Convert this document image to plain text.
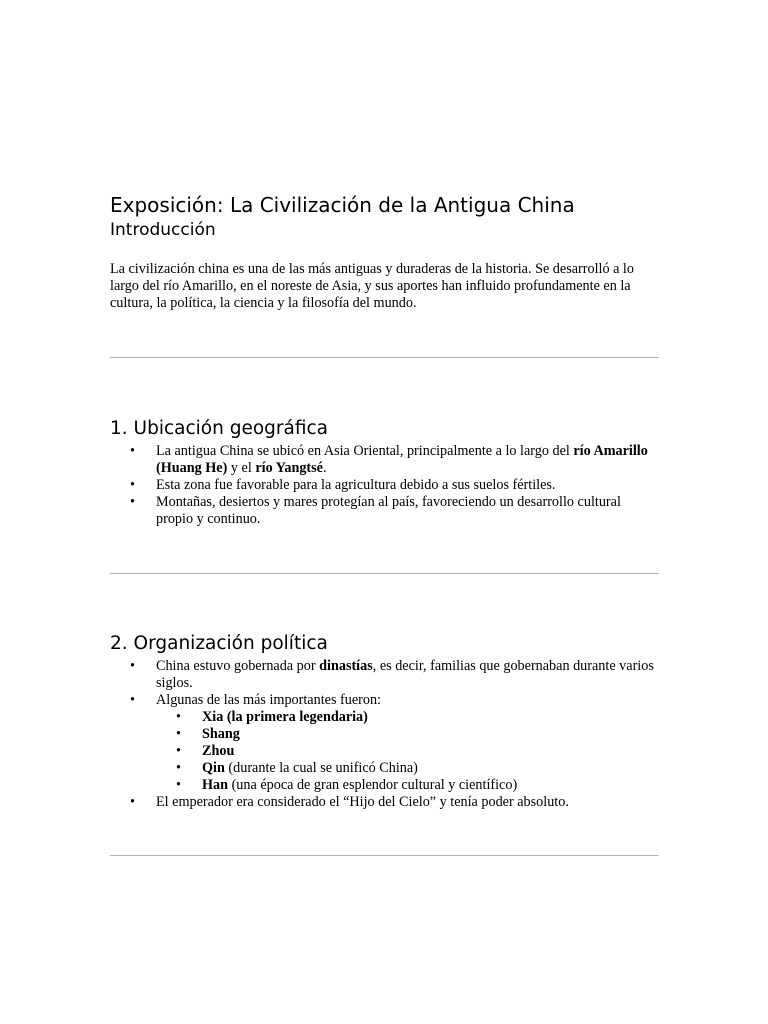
Exposición: La Civilización de la Antigua China
Introducción

La civilización china es una de las más antiguas y duraderas de la historia. Se desarrolló a lo largo del río Amarillo, en el noreste de Asia, y sus aportes han influido profundamente en la cultura, la política, la ciencia y la filosofía del mundo.

1. Ubicación geográfica
• La antigua China se ubicó en Asia Oriental, principalmente a lo largo del río Amarillo (Huang He) y el río Yangtsé.
• Esta zona fue favorable para la agricultura debido a sus suelos fértiles.
• Montañas, desiertos y mares protegían al país, favoreciendo un desarrollo cultural propio y continuo.
2. Organización política
• China estuvo gobernada por dinastías, es decir, familias que gobernaban durante varios siglos.
• Algunas de las más importantes fueron:
• Xia (la primera legendaria)
• Shang
• Zhou
• Qin (durante la cual se unificó China)
• Han (una época de gran esplendor cultural y científico)
• El emperador era considerado el “Hijo del Cielo” y tenía poder absoluto.
